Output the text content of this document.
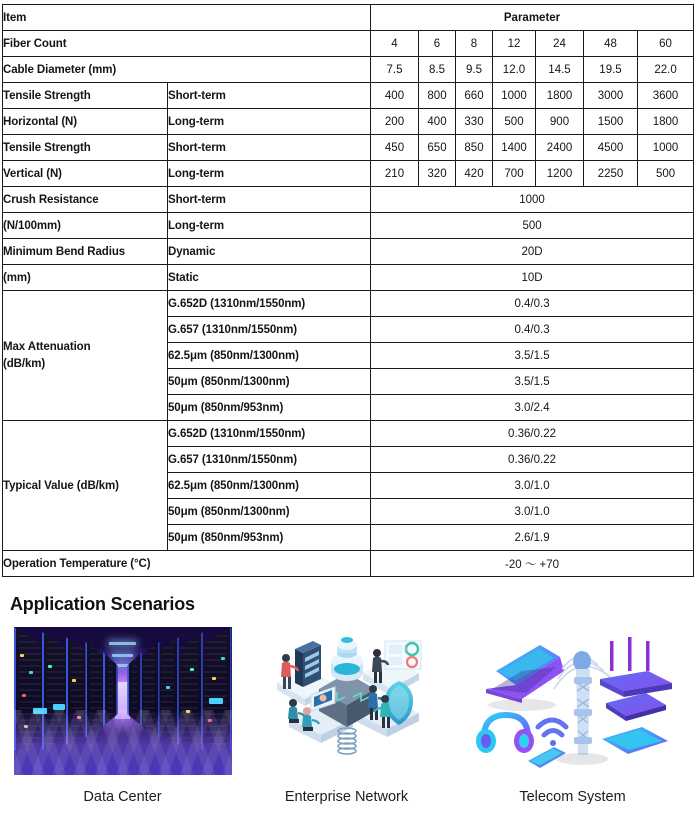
Item		Parameter						
Fiber Count		4	6	8	12	24	48	60
Cable Diameter (mm)		7.5	8.5	9.5	12.0	14.5	19.5	22.0
Tensile Strength	Short-term	400	800	660	1000	1800	3000	3600
Horizontal (N)	Long-term	200	400	330	500	900	1500	1800
Tensile Strength	Short-term	450	650	850	1400	2400	4500	1000
Vertical (N)	Long-term	210	320	420	700	1200	2250	500
Crush Resistance	Short-term	1000						
(N/100mm)	Long-term	500						
Minimum Bend Radius	Dynamic	20D						
(mm)	Static	10D						

Max Attenuation
(dB/km)	G.652D (1310nm/1550nm)	0.4/0.3						
	G.657 (1310nm/1550nm)	0.4/0.3						
	62.5μm (850nm/1300nm)	3.5/1.5						
	50μm (850nm/1300nm)	3.5/1.5						
	50μm (850nm/953nm)	3.0/2.4						
Typical Value (dB/km)	G.652D (1310nm/1550nm)	0.36/0.22						
	G.657 (1310nm/1550nm)	0.36/0.22						
	62.5μm (850nm/1300nm)	3.0/1.0						
	50μm (850nm/1300nm)	3.0/1.0						
	50μm (850nm/953nm)	2.6/1.9						
Operation Temperature (°C)		-20 ～ +70						
Application Scenarios
Data Center	Enterprise Network	Telecom System
